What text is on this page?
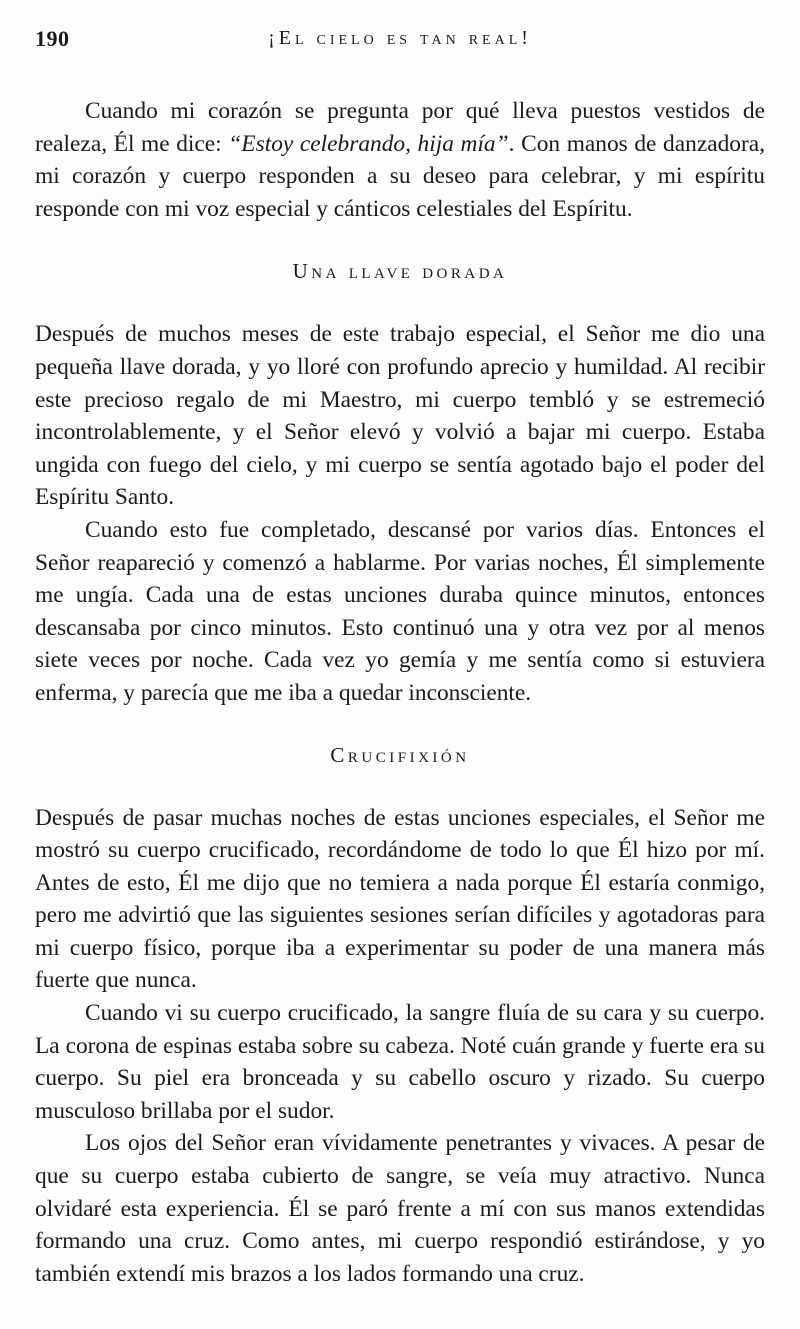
190	¡El cielo es tan real!

Cuando mi corazón se pregunta por qué lleva puestos vestidos de realeza, Él me dice: “Estoy celebrando, hija mía”. Con manos de danzadora, mi corazón y cuerpo responden a su deseo para celebrar, y mi espíritu responde con mi voz especial y cánticos celestiales del Espíritu.

Una llave dorada

Después de muchos meses de este trabajo especial, el Señor me dio una pequeña llave dorada, y yo lloré con profundo aprecio y humildad. Al recibir este precioso regalo de mi Maestro, mi cuerpo tembló y se estremeció incontrolablemente, y el Señor elevó y volvió a bajar mi cuerpo. Estaba ungida con fuego del cielo, y mi cuerpo se sentía agotado bajo el poder del Espíritu Santo.

Cuando esto fue completado, descansé por varios días. Entonces el Señor reapareció y comenzó a hablarme. Por varias noches, Él simplemente me ungía. Cada una de estas unciones duraba quince minutos, entonces descansaba por cinco minutos. Esto continuó una y otra vez por al menos siete veces por noche. Cada vez yo gemía y me sentía como si estuviera enferma, y parecía que me iba a quedar inconsciente.

Crucifixión

Después de pasar muchas noches de estas unciones especiales, el Señor me mostró su cuerpo crucificado, recordándome de todo lo que Él hizo por mí. Antes de esto, Él me dijo que no temiera a nada porque Él estaría conmigo, pero me advirtió que las siguientes sesiones serían difíciles y agotadoras para mi cuerpo físico, porque iba a experimentar su poder de una manera más fuerte que nunca.

Cuando vi su cuerpo crucificado, la sangre fluía de su cara y su cuerpo. La corona de espinas estaba sobre su cabeza. Noté cuán grande y fuerte era su cuerpo. Su piel era bronceada y su cabello oscuro y rizado. Su cuerpo musculoso brillaba por el sudor.

Los ojos del Señor eran vívidamente penetrantes y vivaces. A pesar de que su cuerpo estaba cubierto de sangre, se veía muy atractivo. Nunca olvidaré esta experiencia. Él se paró frente a mí con sus manos extendidas formando una cruz. Como antes, mi cuerpo respondió estirándose, y yo también extendí mis brazos a los lados formando una cruz.
